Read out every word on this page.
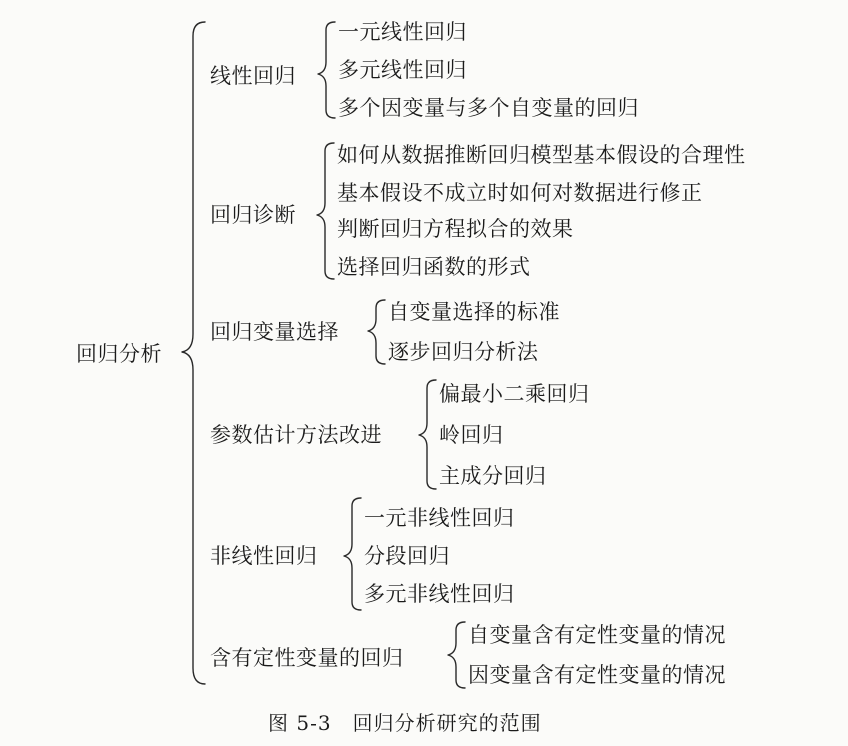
回归分析
线性回归
一元线性回归
多元线性回归
多个因变量与多个自变量的回归
回归诊断
如何从数据推断回归模型基本假设的合理性
基本假设不成立时如何对数据进行修正
判断回归方程拟合的效果
选择回归函数的形式
回归变量选择
自变量选择的标准
逐步回归分析法
参数估计方法改进
偏最小二乘回归
岭回归
主成分回归
非线性回归
一元非线性回归
分段回归
多元非线性回归
含有定性变量的回归
自变量含有定性变量的情况
因变量含有定性变量的情况
图 5-3　回归分析研究的范围
